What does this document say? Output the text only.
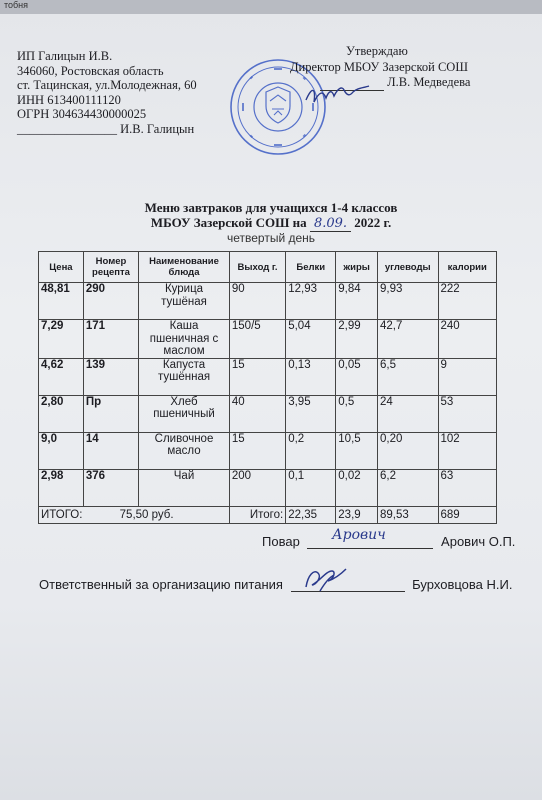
тобня
ИП Галицын И.В.
346060, Ростовская область
ст. Тацинская, ул.Молодежная, 60
ИНН 613400111120
ОГРН 304634430000025
________________ И.В. Галицын
Утверждаю
Директор МБОУ Зазерской СОШ
Л.В. Медведева
Меню завтраков для учащихся 1-4 классов
МБОУ Зазерской СОШ на 8.09. 2022 г.
четвертый день
Цена	Номер рецепта	Наименование блюда	Выход г.	Белки	жиры	углеводы	калории
48,81	290	Курица тушёная	90	12,93	9,84	9,93	222
7,29	171	Каша пшеничная с маслом	150/5	5,04	2,99	42,7	240
4,62	139	Капуста тушённая	15	0,13	0,05	6,5	9
2,80	Пр	Хлеб пшеничный	40	3,95	0,5	24	53
9,0	14	Сливочное масло	15	0,2	10,5	0,20	102
2,98	376	Чай	200	0,1	0,02	6,2	63
ИТОГО: 75,50 руб.			Итого:	22,35	23,9	89,53	689
Повар	Арович О.П.
Арович
Ответственный за организацию питания	Бурховцова Н.И.
